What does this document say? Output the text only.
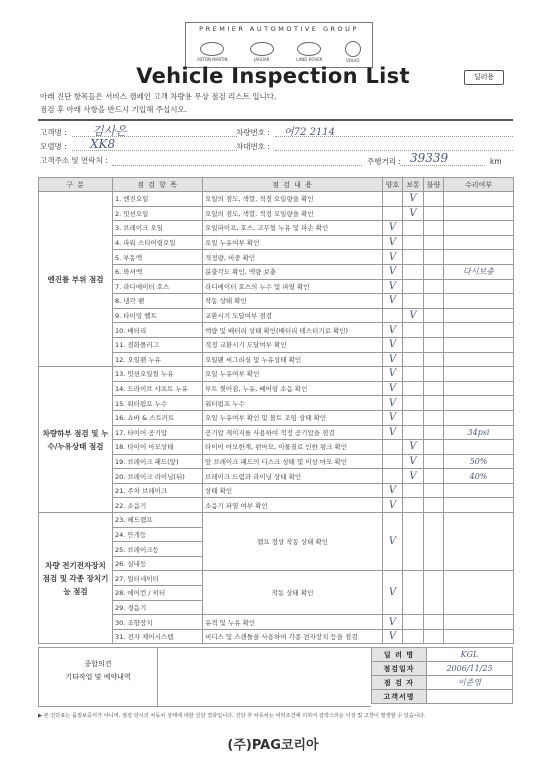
PREMIER AUTOMOTIVE GROUP
ASTON MARTIN	JAGUAR	LAND ROVER	VOLVO
Vehicle Inspection List	딜러용
아래 진단 항목들은 서비스 캠페인 고객 차량용 무상 점검 리스트 입니다.
점검 후 아래 사항을 반드시 기입해 주십시오.
고객명 : 김사은	차량번호 : 여72 2114
모델명 : XK8	차대번호 :
고객주소 및 연락처 :	주행거리 : 39339	km
구 분	점 검 항 목	점 검 내 용	양호	보통	불량	수리여부
엔진룸 부위 점검	1. 엔진오일	오일의 점도, 색깔, 적정 오일량을 확인		V		
	2. 밋션오일	오일의 점도, 색깔, 적정 오일량을 확인		V		
	3. 브레이크 오일	오일파이프, 호스, 고무씰 누유 및 파손 확인	V			
	4. 파워 스티어링오일	오일 누유여부 확인	V			
	5. 부동액	적정량, 비중 확인	V			
	6. 와셔액	분출각도 확인, 액량 보충	V			다시보충
	7. 라디에이터 호스	라디에이터 호스의 누수 및 파열 확인	V			
	8. 냉각 팬	작동 상태 확인	V			
	9. 타이밍 벨트	교환시기 도달여부 점검		V		
	10. 배터리	액량 및 배터리 상태 확인(배터리 테스터기로 확인)	V			
	11. 점화플러그	적정 교환시기 도달여부 확인	V			
	12. 오일팬 누유	오일팬 씨그리싱 및 누유상태 확인	V			
차량하부 점검 및 누수/누유상태 점검	13. 밋션오일씰 누유	오일 누유여부 확인	V			
	14. 드라이브 샤프트 누유	부트 찢어짐, 누유, 베어링 소음 확인	V			
	15. 워터펌프 누수	워터펌프 누수	V			
	16. 쇼바 & 스트러트	오일 누유여부 확인 및 볼트 조임 상태 확인	V			
	17. 타이어 공기압	공기압 게이지를 사용하여 적정 공기압을 점검	V			34psi
	18. 타이어 마모상태	타이어 마모한계, 편마모, 이물질로 인한 펑크 확인		V		
	19. 브레이크 패드(앞)	앞 브레이크 패드의 디스크 상태 및 이상 마모 확인		V		50%
	20. 브레이크 라이닝(뒤)	브레이크 드럼과 라이닝 상태 확인		V		40%
	21. 주차 브레이크	상태 확인	V			
	22. 소음기	소음기 파열 여부 확인	V			
차량 전기전자장치 점검 및 각종 장치기능 점검	23. 헤드램프	램프 정상 작동 상태 확인	V			
	24. 안개등					
	25. 브레이크등					
	26. 실내등					
	27. 얼터네이터	작동 상태 확인	V			
	28. 에어컨 / 히터					
	29. 경음기					
	30. 조향장치	유격 및 누유 확인	V			
	31. 전자 제어시스템	비디스 및 스캔툴을 사용하여 각종 전자장치 등을 점검	V			
종합의견
기타작업 및 예약내역
딜 러 명	KGL
점검일자	2006/11/25
점 검 자	이준영
고객서명	
▶ 본 진단표는 품질보증서가 아니며, 점검 당시의 차동차 상태에 대한 진단 결과입니다. 진단 후 차동차는 여러조건에 의하여 감작스러운 이상 및 고장이 발생할 수 있습니다.
(주)PAG코리아
